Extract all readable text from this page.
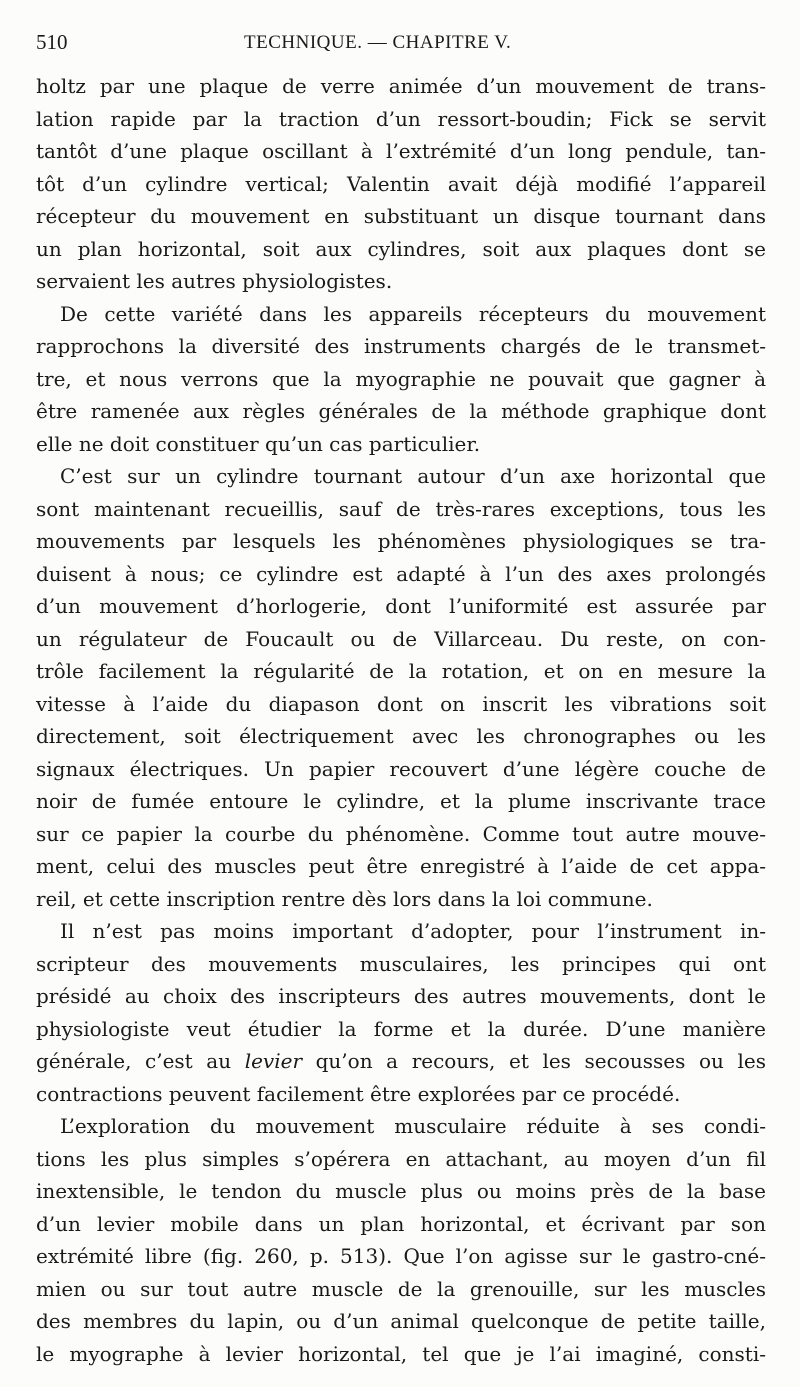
510	TECHNIQUE. — CHAPITRE V.
holtz par une plaque de verre animée d’un mouvement de trans-
lation rapide par la traction d’un ressort-boudin; Fick se servit
tantôt d’une plaque oscillant à l’extrémité d’un long pendule, tan-
tôt d’un cylindre vertical; Valentin avait déjà modifié l’appareil
récepteur du mouvement en substituant un disque tournant dans
un plan horizontal, soit aux cylindres, soit aux plaques dont se
servaient les autres physiologistes.
De cette variété dans les appareils récepteurs du mouvement
rapprochons la diversité des instruments chargés de le transmet-
tre, et nous verrons que la myographie ne pouvait que gagner à
être ramenée aux règles générales de la méthode graphique dont
elle ne doit constituer qu’un cas particulier.
C’est sur un cylindre tournant autour d’un axe horizontal que
sont maintenant recueillis, sauf de très-rares exceptions, tous les
mouvements par lesquels les phénomènes physiologiques se tra-
duisent à nous; ce cylindre est adapté à l’un des axes prolongés
d’un mouvement d’horlogerie, dont l’uniformité est assurée par
un régulateur de Foucault ou de Villarceau. Du reste, on con-
trôle facilement la régularité de la rotation, et on en mesure la
vitesse à l’aide du diapason dont on inscrit les vibrations soit
directement, soit électriquement avec les chronographes ou les
signaux électriques. Un papier recouvert d’une légère couche de
noir de fumée entoure le cylindre, et la plume inscrivante trace
sur ce papier la courbe du phénomène. Comme tout autre mouve-
ment, celui des muscles peut être enregistré à l’aide de cet appa-
reil, et cette inscription rentre dès lors dans la loi commune.
Il n’est pas moins important d’adopter, pour l’instrument in-
scripteur des mouvements musculaires, les principes qui ont
présidé au choix des inscripteurs des autres mouvements, dont le
physiologiste veut étudier la forme et la durée. D’une manière
générale, c’est au levier qu’on a recours, et les secousses ou les
contractions peuvent facilement être explorées par ce procédé.
L’exploration du mouvement musculaire réduite à ses condi-
tions les plus simples s’opérera en attachant, au moyen d’un fil
inextensible, le tendon du muscle plus ou moins près de la base
d’un levier mobile dans un plan horizontal, et écrivant par son
extrémité libre (fig. 260, p. 513). Que l’on agisse sur le gastro-cné-
mien ou sur tout autre muscle de la grenouille, sur les muscles
des membres du lapin, ou d’un animal quelconque de petite taille,
le myographe à levier horizontal, tel que je l’ai imaginé, consti-
